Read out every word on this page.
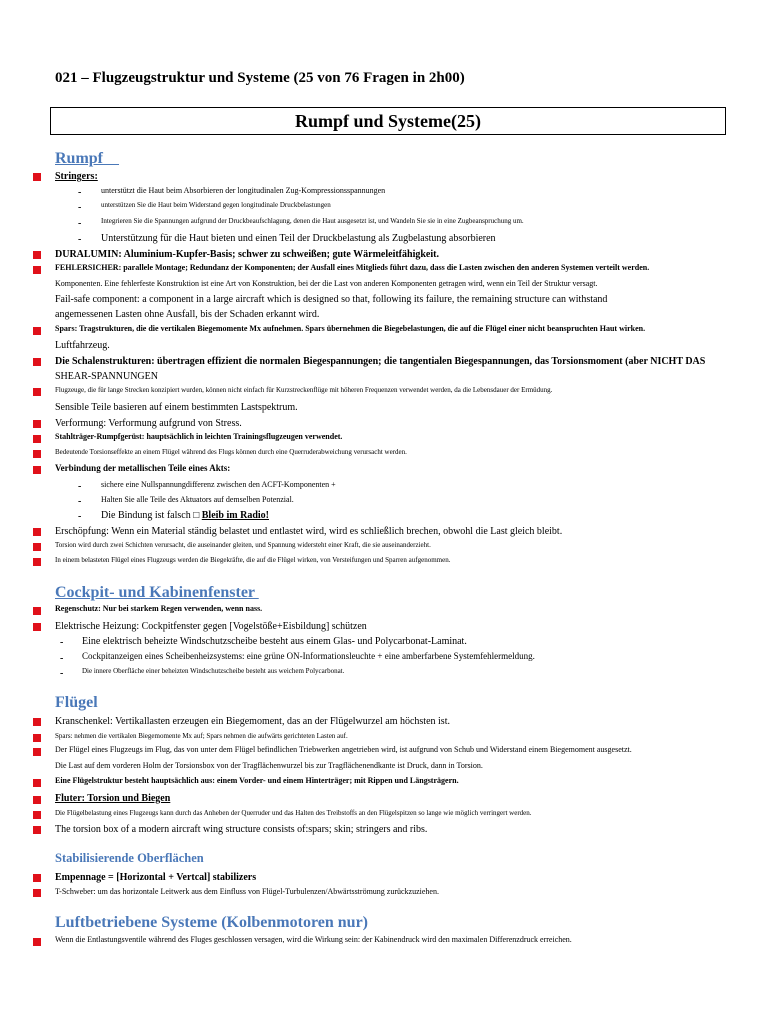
021 – Flugzeugstruktur und Systeme (25 von 76 Fragen in 2h00)
Rumpf und Systeme(25)
Rumpf
Stringers:
- unterstützt die Haut beim Absorbieren der longitudinalen Zug-Kompressionsspannungen
-	unterstützen Sie die Haut beim Widerstand gegen longitudinale Druckbelastungen
-	Integrieren Sie die Spannungen aufgrund der Druckbeaufschlagung, denen die Haut ausgesetzt ist, und Wandeln Sie sie in eine Zugbeanspruchung um.
- Unterstützung für die Haut bieten und einen Teil der Druckbelastung als Zugbelastung absorbieren
DURALUMIN: Aluminium-Kupfer-Basis; schwer zu schweißen; gute Wärmeleitfähigkeit.
FEHLERSICHER: parallele Montage; Redundanz der Komponenten; der Ausfall eines Mitglieds führt dazu, dass die Lasten zwischen den anderen Systemen verteilt werden.
Komponenten. Eine fehlerfeste Konstruktion ist eine Art von Konstruktion, bei der die Last von anderen Komponenten getragen wird, wenn ein Teil der Struktur versagt.
Fail-safe component: a component in a large aircraft which is designed so that, following its failure, the remaining structure can withstand
angemessenen Lasten ohne Ausfall, bis der Schaden erkannt wird.
Spars: Tragstrukturen, die die vertikalen Biegemomente Mx aufnehmen. Spars übernehmen die Biegebelastungen, die auf die Flügel einer nicht beanspruchten Haut wirken.
Luftfahrzeug.
Die Schalenstrukturen: übertragen effizient die normalen Biegespannungen; die tangentialen Biegespannungen, das Torsionsmoment (aber NICHT DAS
SHEAR-SPANNUNGEN
Flugzeuge, die für lange Strecken konzipiert wurden, können nicht einfach für Kurzstreckenflüge mit höheren Frequenzen verwendet werden, da die Lebensdauer der Ermüdung.
Sensible Teile basieren auf einem bestimmten Lastspektrum.
Verformung: Verformung aufgrund von Stress.
Stahlträger-Rumpfgerüst: hauptsächlich in leichten Trainingsflugzeugen verwendet.
Bedeutende Torsionseffekte an einem Flügel während des Flugs können durch eine Querruderabweichung verursacht werden.
Verbindung der metallischen Teile eines Akts:
- sichere eine Nullspannungdifferenz zwischen den ACFT-Komponenten +
- Halten Sie alle Teile des Aktuators auf demselben Potenzial.
- Die Bindung ist falsch □ Bleib im Radio!
Erschöpfung: Wenn ein Material ständig belastet und entlastet wird, wird es schließlich brechen, obwohl die Last gleich bleibt.
Torsion wird durch zwei Schichten verursacht, die auseinander gleiten, und Spannung widersteht einer Kraft, die sie auseinanderzieht.
In einem belasteten Flügel eines Flugzeugs werden die Biegekräfte, die auf die Flügel wirken, von Versteifungen und Sparren aufgenommen.
Cockpit- und Kabinenfenster
Regenschutz: Nur bei starkem Regen verwenden, wenn nass.
Elektrische Heizung: Cockpitfenster gegen [Vogelstöße+Eisbildung] schützen
- Eine elektrisch beheizte Windschutzscheibe besteht aus einem Glas- und Polycarbonat-Laminat.
- Cockpitanzeigen eines Scheibenheizsystems: eine grüne ON-Informationsleuchte + eine amberfarbene Systemfehlermeldung.
-	Die innere Oberfläche einer beheizten Windschutzscheibe besteht aus weichem Polycarbonat.
Flügel
Kranschenkel: Vertikallasten erzeugen ein Biegemoment, das an der Flügelwurzel am höchsten ist.
Spars: nehmen die vertikalen Biegemomente Mx auf; Spars nehmen die aufwärts gerichteten Lasten auf.
Der Flügel eines Flugzeugs im Flug, das von unter dem Flügel befindlichen Triebwerken angetrieben wird, ist aufgrund von Schub und Widerstand einem Biegemoment ausgesetzt.
Die Last auf dem vorderen Holm der Torsionsbox von der Tragflächenwurzel bis zur Tragflächenendkante ist Druck, dann in Torsion.
Eine Flügelstruktur besteht hauptsächlich aus: einem Vorder- und einem Hinterträger; mit Rippen und Längsträgern.
Fluter: Torsion und Biegen
Die Flügelbelastung eines Flugzeugs kann durch das Anheben der Querruder und das Halten des Treibstoffs an den Flügelspitzen so lange wie möglich verringert werden.
The torsion box of a modern aircraft wing structure consists of:spars; skin; stringers and ribs.
Stabilisierende Oberflächen
Empennage = [Horizontal + Vertcal] stabilizers
T-Schweber: um das horizontale Leitwerk aus dem Einfluss von Flügel-Turbulenzen/Abwärtsströmung zurückzuziehen.
Luftbetriebene Systeme (Kolbenmotoren nur)
Wenn die Entlastungsventile während des Fluges geschlossen versagen, wird die Wirkung sein: der Kabinendruck wird den maximalen Differenzdruck erreichen.
